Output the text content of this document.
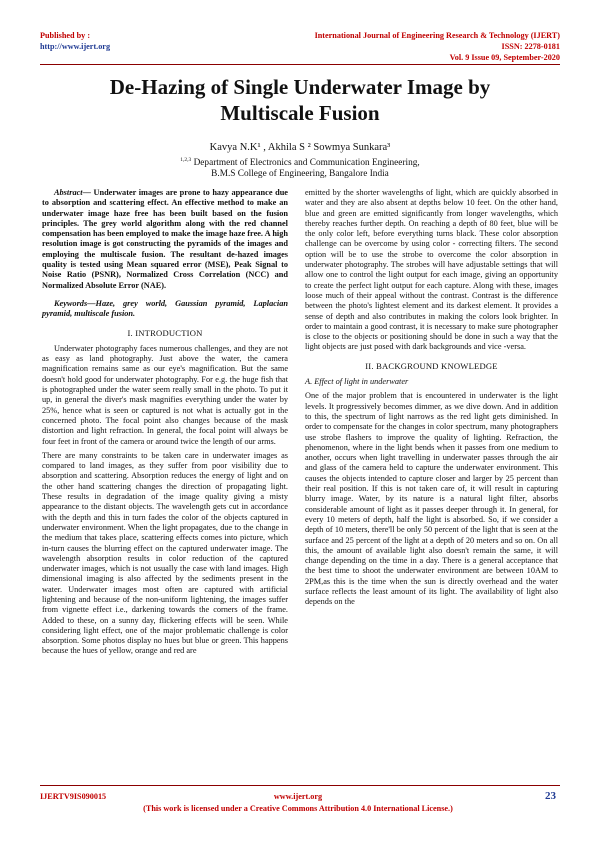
Published by :
http://www.ijert.org
International Journal of Engineering Research & Technology (IJERT)
ISSN: 2278-0181
Vol. 9 Issue 09, September-2020
De-Hazing of Single Underwater Image by
Multiscale Fusion
Kavya N.K¹ , Akhila S ² Sowmya Sunkara³
$^{1,2,3}$ Department of Electronics and Communication Engineering,
B.M.S College of Engineering, Bangalore India

Abstract— Underwater images are prone to hazy appearance due to absorption and scattering effect. An effective method to make an underwater image haze free has been built based on the fusion principles. The grey world algorithm along with the red channel compensation has been employed to make the image haze free. A high resolution image is got constructing the pyramids of the images and employing the multiscale fusion. The resultant de-hazed images quality is tested using Mean squared error (MSE), Peak Signal to Noise Ratio (PSNR), Normalized Cross Correlation (NCC) and Normalized Absolute Error (NAE).

Keywords—Haze, grey world, Gaussian pyramid, Laplacian pyramid, multiscale fusion.

I. INTRODUCTION

Underwater photography faces numerous challenges, and they are not as easy as land photography. Just above the water, the camera magnification remains same as our eye's magnification. But the same doesn't hold good for underwater photography. For e.g. the huge fish that is photographed under the water seem really small in the photo. To put it up, in general the diver's mask magnifies everything under the water by 25%, hence what is seen or captured is not what is actually got in the concerned photo. The focal point also changes because of the mask distortion and light refraction. In general, the focal point will always be four feet in front of the camera or around twice the length of our arms.

There are many constraints to be taken care in underwater images as compared to land images, as they suffer from poor visibility due to absorption and scattering. Absorption reduces the energy of light and on the other hand scattering changes the direction of propagating light. These results in degradation of the image quality giving a misty appearance to the distant objects. The wavelength gets cut in accordance with the depth and this in turn fades the color of the objects captured in underwater environment. When the light propagates, due to the change in the medium that takes place, scattering effects comes into picture, which in-turn causes the blurring effect on the captured underwater image. The wavelength absorption results in color reduction of the captured underwater images, which is not usually the case with land images. High dimensional imaging is also affected by the sediments present in the water. Underwater images most often are captured with artificial lightening and because of the non-uniform lightening, the images suffer from vignette effect i.e., darkening towards the corners of the frame. Added to these, on a sunny day, flickering effects will be seen. While considering light effect, one of the major problematic challenge is color absorption. Some photos display no hues but blue or green. This happens because the hues of yellow, orange and red are

emitted by the shorter wavelengths of light, which are quickly absorbed in water and they are also absent at depths below 10 feet. On the other hand, blue and green are emitted significantly from longer wavelengths, which thereby reaches further depth. On reaching a depth of 80 feet, blue will be the only color left, before everything turns black. These color absorption challenge can be overcome by using color - correcting filters. The second option will be to use the strobe to overcome the color absorption in underwater photography. The strobes will have adjustable settings that will allow one to control the light output for each image, giving an opportunity to create the perfect light output for each capture. Along with these, images loose much of their appeal without the contrast. Contrast is the difference between the photo's lightest element and its darkest element. It provides a sense of depth and also contributes in making the colors look brighter. In order to maintain a good contrast, it is necessary to make sure photographer is close to the objects or positioning should be done in such a way that the light objects are just posed with dark backgrounds and vice -versa.

II. BACKGROUND KNOWLEDGE
A. Effect of light in underwater

One of the major problem that is encountered in underwater is the light levels. It progressively becomes dimmer, as we dive down. And in addition to this, the spectrum of light narrows as the red light gets diminished. In order to compensate for the changes in color spectrum, many photographers use strobe flashers to improve the quality of lighting. Refraction, the phenomenon, where in the light bends when it passes from one medium to another, occurs when light travelling in underwater passes through the air and glass of the camera held to capture the underwater environment. This causes the objects intended to capture closer and larger by 25 percent than their real position. If this is not taken care of, it will result in capturing blurry image. Water, by its nature is a natural light filter, absorbs considerable amount of light as it passes deeper through it. In general, for every 10 meters of depth, half the light is absorbed. So, if we consider a depth of 10 meters, there'll be only 50 percent of the light that is seen at the surface and 25 percent of the light at a depth of 20 meters and so on. On all this, the amount of available light also doesn't remain the same, it will change depending on the time in a day. There is a general acceptance that the best time to shoot the underwater environment are between 10AM to 2PM,as this is the time when the sun is directly overhead and the water surface reflects the least amount of its light. The availability of light also depends on the

IJERTV9IS090015	www.ijert.org	23
(This work is licensed under a Creative Commons Attribution 4.0 International License.)
